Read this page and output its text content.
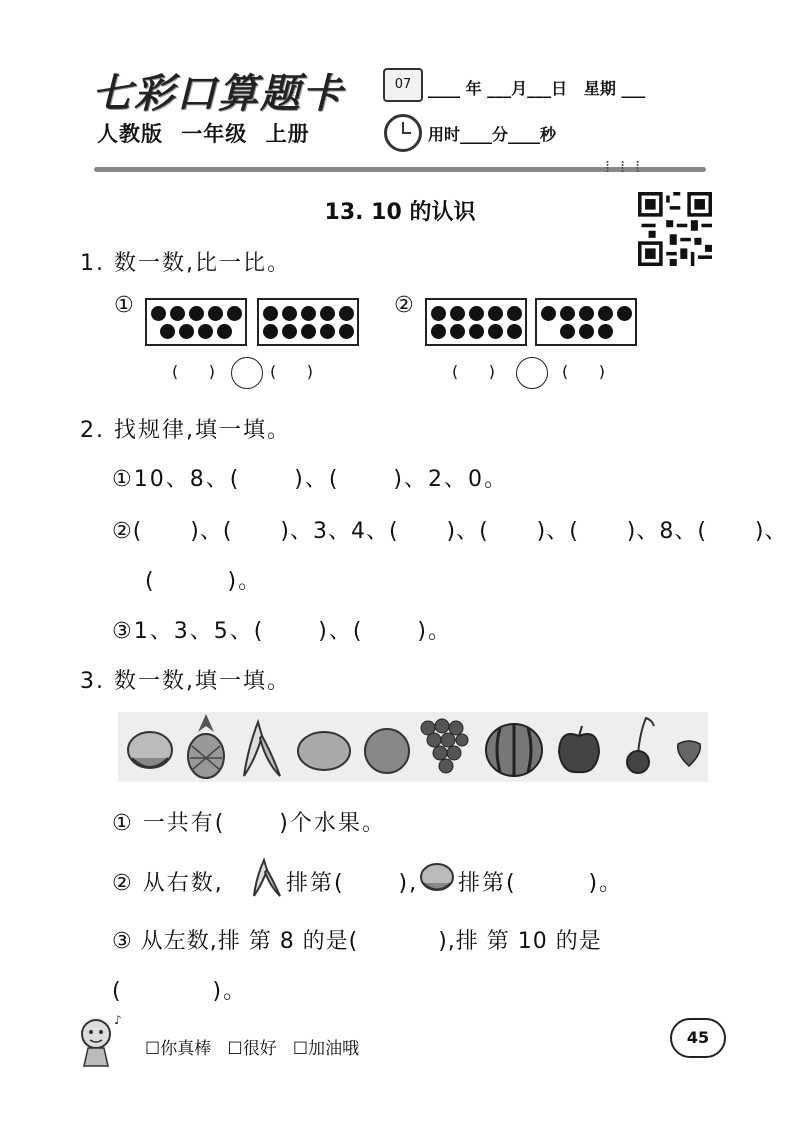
七彩口算题卡
人教版 一年级 上册
07	____ 年 ___月___日   星期 ___
用时____分____秒
⁞⁞⁞
13. 10 的认识
1. 数一数,比一比。
①	②
(      )	(      )	(      )	(      )
2. 找规律,填一填。
①10、8、(      )、(      )、2、0。
②(      )、(      )、3、4、(      )、(      )、(      )、8、(      )、
(        )。
③1、3、5、(      )、(      )。
3. 数一数,填一填。
① 一共有(      )个水果。
② 从右数,	排第(      ), 排第(        )。
③ 从左数,排 第 8 的是(          ),排 第 10 的是
(          )。
♪
☐你真棒   ☐很好   ☐加油哦
45
